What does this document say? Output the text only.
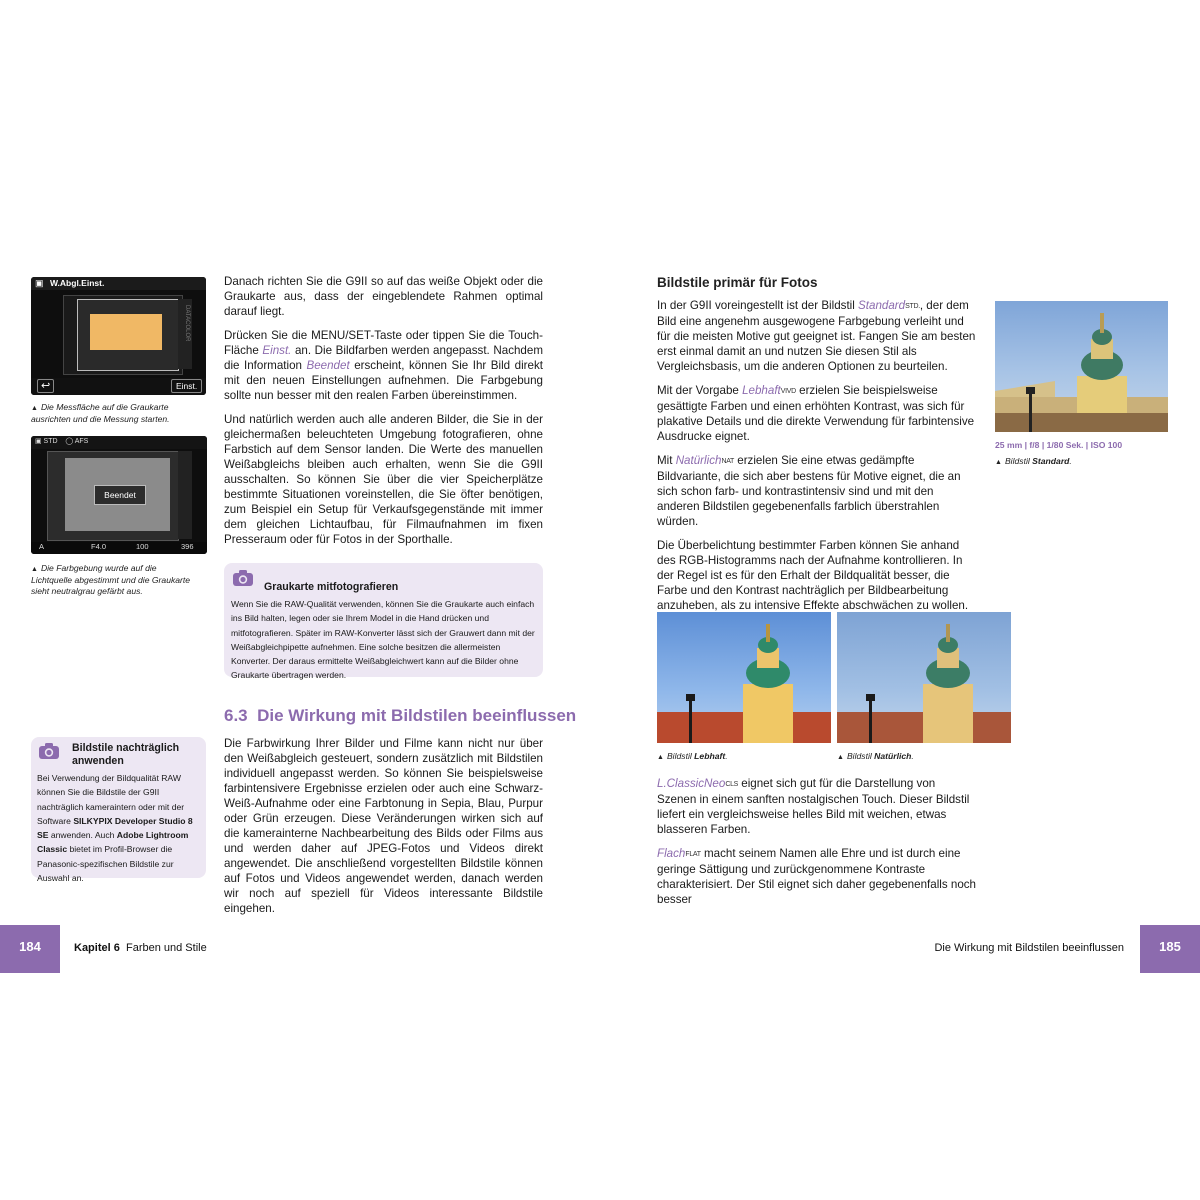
▣ W.Abgl.Einst.
DATACOLOR
↩	Einst.
▲ Die Messfläche auf die Graukarte ausrichten und die Messung starten.
▣ STD    ◯ AFS
Beendet
A	F4.0	100	396
▲ Die Farbgebung wurde auf die Lichtquelle abgestimmt und die Graukarte sieht neutralgrau gefärbt aus.

Danach richten Sie die G9II so auf das weiße Objekt oder die Graukarte aus, dass der eingeblendete Rahmen optimal darauf liegt.

Drücken Sie die MENU/SET-Taste oder tippen Sie die Touch-Fläche Einst. an. Die Bildfarben werden angepasst. Nachdem die Information Beendet erscheint, können Sie Ihr Bild direkt mit den neuen Einstellungen aufnehmen. Die Farbgebung sollte nun besser mit den realen Farben übereinstimmen.

Und natürlich werden auch alle anderen Bilder, die Sie in der gleichermaßen beleuchteten Umgebung fotografieren, ohne Farbstich auf dem Sensor landen. Die Werte des manuellen Weißabgleichs bleiben auch erhalten, wenn Sie die G9II ausschalten. So können Sie über die vier Speicherplätze bestimmte Situationen voreinstellen, die Sie öfter benötigen, zum Beispiel ein Setup für Verkaufsgegenstände mit immer dem gleichen Lichtaufbau, für Filmaufnahmen im fixen Presseraum oder für Fotos in der Sporthalle.

Graukarte mitfotografieren
Wenn Sie die RAW-Qualität verwenden, können Sie die Graukarte auch einfach ins Bild halten, legen oder sie Ihrem Model in die Hand drücken und mitfotografieren. Später im RAW-Konverter lässt sich der Grauwert dann mit der Weißabgleichpipette aufnehmen. Eine solche besitzen die allermeisten Konverter. Der daraus ermittelte Weißabgleichwert kann auf die Bilder ohne Graukarte übertragen werden.
6.3  Die Wirkung mit Bildstilen beeinflussen

Die Farbwirkung Ihrer Bilder und Filme kann nicht nur über den Weißabgleich gesteuert, sondern zusätzlich mit Bildstilen individuell angepasst werden. So können Sie beispielsweise farbintensivere Ergebnisse erzielen oder auch eine Schwarz-Weiß-Aufnahme oder eine Farbtonung in Sepia, Blau, Purpur oder Grün erzeugen. Diese Veränderungen wirken sich auf die kamerainterne Nachbearbeitung des Bilds oder Films aus und werden daher auf JPEG-Fotos und Videos direkt angewendet. Die anschließend vorgestellten Bildstile können auf Fotos und Videos angewendet werden, danach werden wir noch auf speziell für Videos interessante Bildstile eingehen.

Bildstile nachträglich anwenden
Bei Verwendung der Bildqualität RAW können Sie die Bildstile der G9II nachträglich kameraintern oder mit der Software SILKYPIX Developer Studio 8 SE anwenden. Auch Adobe Lightroom Classic bietet im Profil-Browser die Panasonic-spezifischen Bildstile zur Auswahl an.
184	Kapitel 6 Farben und Stile
Bildstile primär für Fotos

In der G9II voreingestellt ist der Bildstil StandardSTD., der dem Bild eine angenehm ausgewogene Farbgebung verleiht und für die meisten Motive gut geeignet ist. Fangen Sie am besten erst einmal damit an und nutzen Sie diesen Stil als Vergleichsbasis, um die anderen Optionen zu beurteilen.

Mit der Vorgabe LebhaftVIVD erzielen Sie beispielsweise gesättigte Farben und einen erhöhten Kontrast, was sich für plakative Details und die direkte Verwendung für farbintensive Ausdrucke eignet.

Mit NatürlichNAT erzielen Sie eine etwas gedämpfte Bildvariante, die sich aber bestens für Motive eignet, die an sich schon farb- und kontrastintensiv sind und mit den anderen Bildstilen gegebenenfalls farblich überstrahlen würden.

Die Überbelichtung bestimmter Farben können Sie anhand des RGB-Histogramms nach der Aufnahme kontrollieren. In der Regel ist es für den Erhalt der Bildqualität besser, die Farbe und den Kontrast nachträglich per Bildbearbeitung anzuheben, als zu intensive Effekte abschwächen zu wollen.

25 mm | f/8 | 1/80 Sek. | ISO 100
▲ Bildstil Standard.
▲ Bildstil Lebhaft.	▲ Bildstil Natürlich.

L.ClassicNeoCLS eignet sich gut für die Darstellung von Szenen in einem sanften nostalgischen Touch. Dieser Bildstil liefert ein vergleichsweise helles Bild mit weichen, etwas blasseren Farben.

FlachFLAT macht seinem Namen alle Ehre und ist durch eine geringe Sättigung und zurückgenommene Kontraste charakterisiert. Der Stil eignet sich daher gegebenenfalls noch besser

Die Wirkung mit Bildstilen beeinflussen	185
